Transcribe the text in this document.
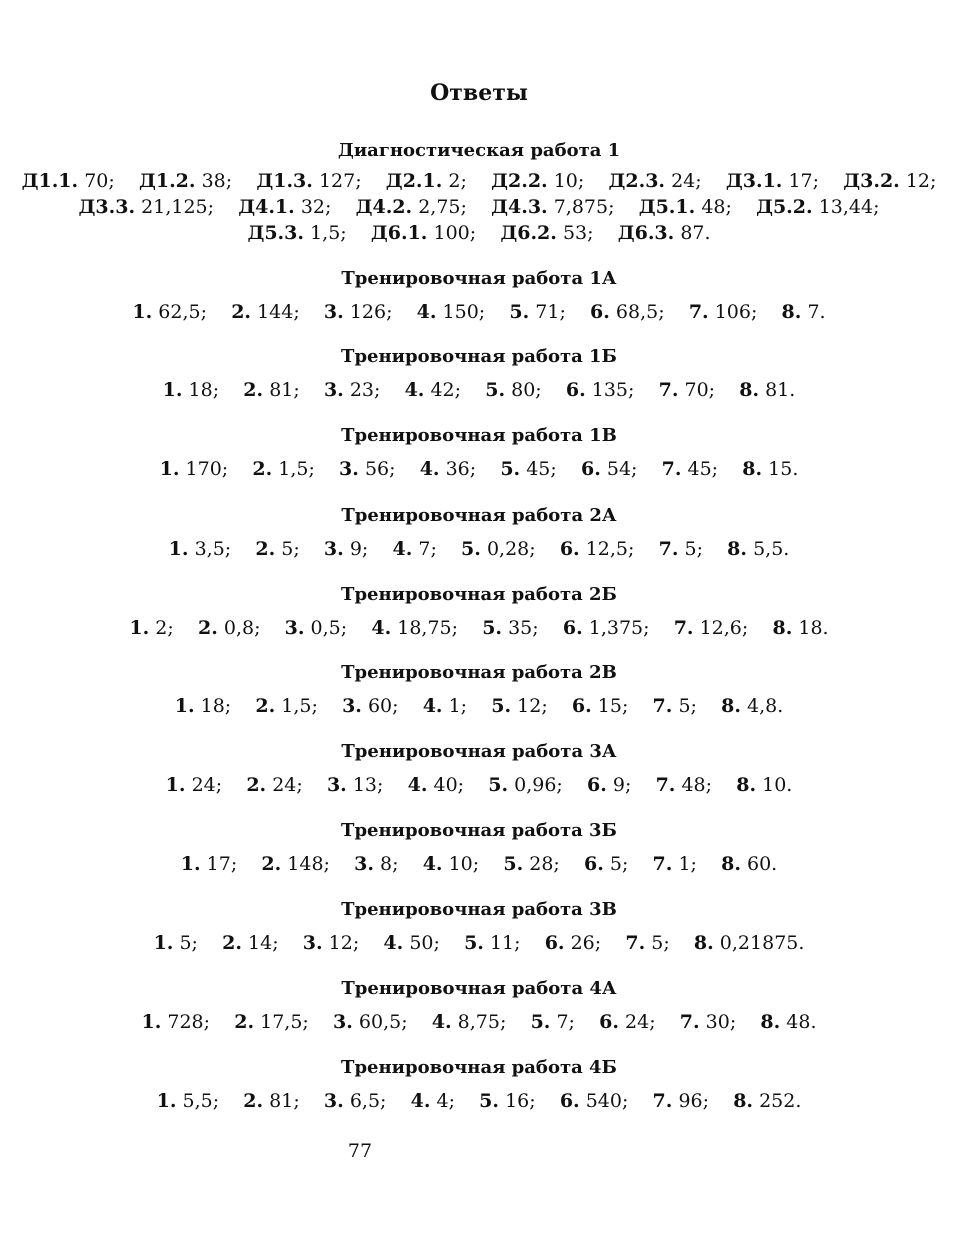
Ответы
Диагностическая работа 1
Д1.1. 70; Д1.2. 38; Д1.3. 127; Д2.1. 2; Д2.2. 10; Д2.3. 24; Д3.1. 17; Д3.2. 12;
Д3.3. 21,125; Д4.1. 32; Д4.2. 2,75; Д4.3. 7,875; Д5.1. 48; Д5.2. 13,44;
Д5.3. 1,5; Д6.1. 100; Д6.2. 53; Д6.3. 87.
Тренировочная работа 1А
1. 62,5; 2. 144; 3. 126; 4. 150; 5. 71; 6. 68,5; 7. 106; 8. 7.
Тренировочная работа 1Б
1. 18; 2. 81; 3. 23; 4. 42; 5. 80; 6. 135; 7. 70; 8. 81.
Тренировочная работа 1В
1. 170; 2. 1,5; 3. 56; 4. 36; 5. 45; 6. 54; 7. 45; 8. 15.
Тренировочная работа 2А
1. 3,5; 2. 5; 3. 9; 4. 7; 5. 0,28; 6. 12,5; 7. 5; 8. 5,5.
Тренировочная работа 2Б
1. 2; 2. 0,8; 3. 0,5; 4. 18,75; 5. 35; 6. 1,375; 7. 12,6; 8. 18.
Тренировочная работа 2В
1. 18; 2. 1,5; 3. 60; 4. 1; 5. 12; 6. 15; 7. 5; 8. 4,8.
Тренировочная работа 3А
1. 24; 2. 24; 3. 13; 4. 40; 5. 0,96; 6. 9; 7. 48; 8. 10.
Тренировочная работа 3Б
1. 17; 2. 148; 3. 8; 4. 10; 5. 28; 6. 5; 7. 1; 8. 60.
Тренировочная работа 3В
1. 5; 2. 14; 3. 12; 4. 50; 5. 11; 6. 26; 7. 5; 8. 0,21875.
Тренировочная работа 4А
1. 728; 2. 17,5; 3. 60,5; 4. 8,75; 5. 7; 6. 24; 7. 30; 8. 48.
Тренировочная работа 4Б
1. 5,5; 2. 81; 3. 6,5; 4. 4; 5. 16; 6. 540; 7. 96; 8. 252.
77
